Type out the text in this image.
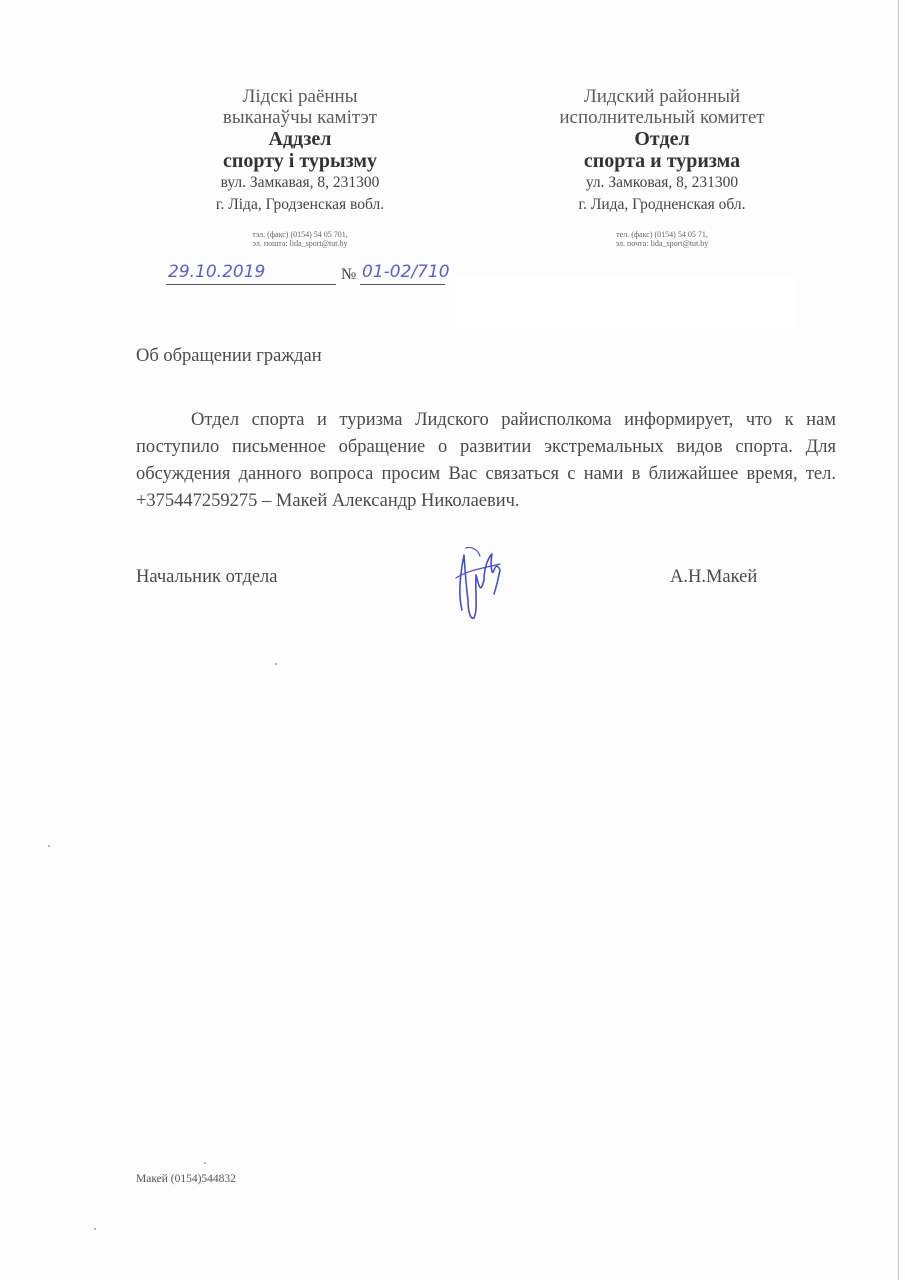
Лідскі раённы
выканаўчы камітэт
Аддзел
спорту і турызму
вул. Замкавая, 8, 231300
г. Ліда, Гродзенская вобл.
тэл. (факс) (0154) 54 05 701,
эл. пошта: lida_sport@tut.by
Лидский районный
исполнительный комитет
Отдел
спорта и туризма
ул. Замковая, 8, 231300
г. Лида, Гродненская обл.
тел. (факс) (0154) 54 05 71,
эл. почта: lida_sport@tut.by
29.10.2019	№ 01-02/710
Об обращении граждан

Отдел спорта и туризма Лидского райисполкома информирует, что к нам поступило письменное обращение о развитии экстремальных видов спорта. Для обсуждения данного вопроса просим Вас связаться с нами в ближайшее время, тел. +375447259275 – Макей Александр Николаевич.

Начальник отдела	А.Н.Макей
Макей (0154)544832
